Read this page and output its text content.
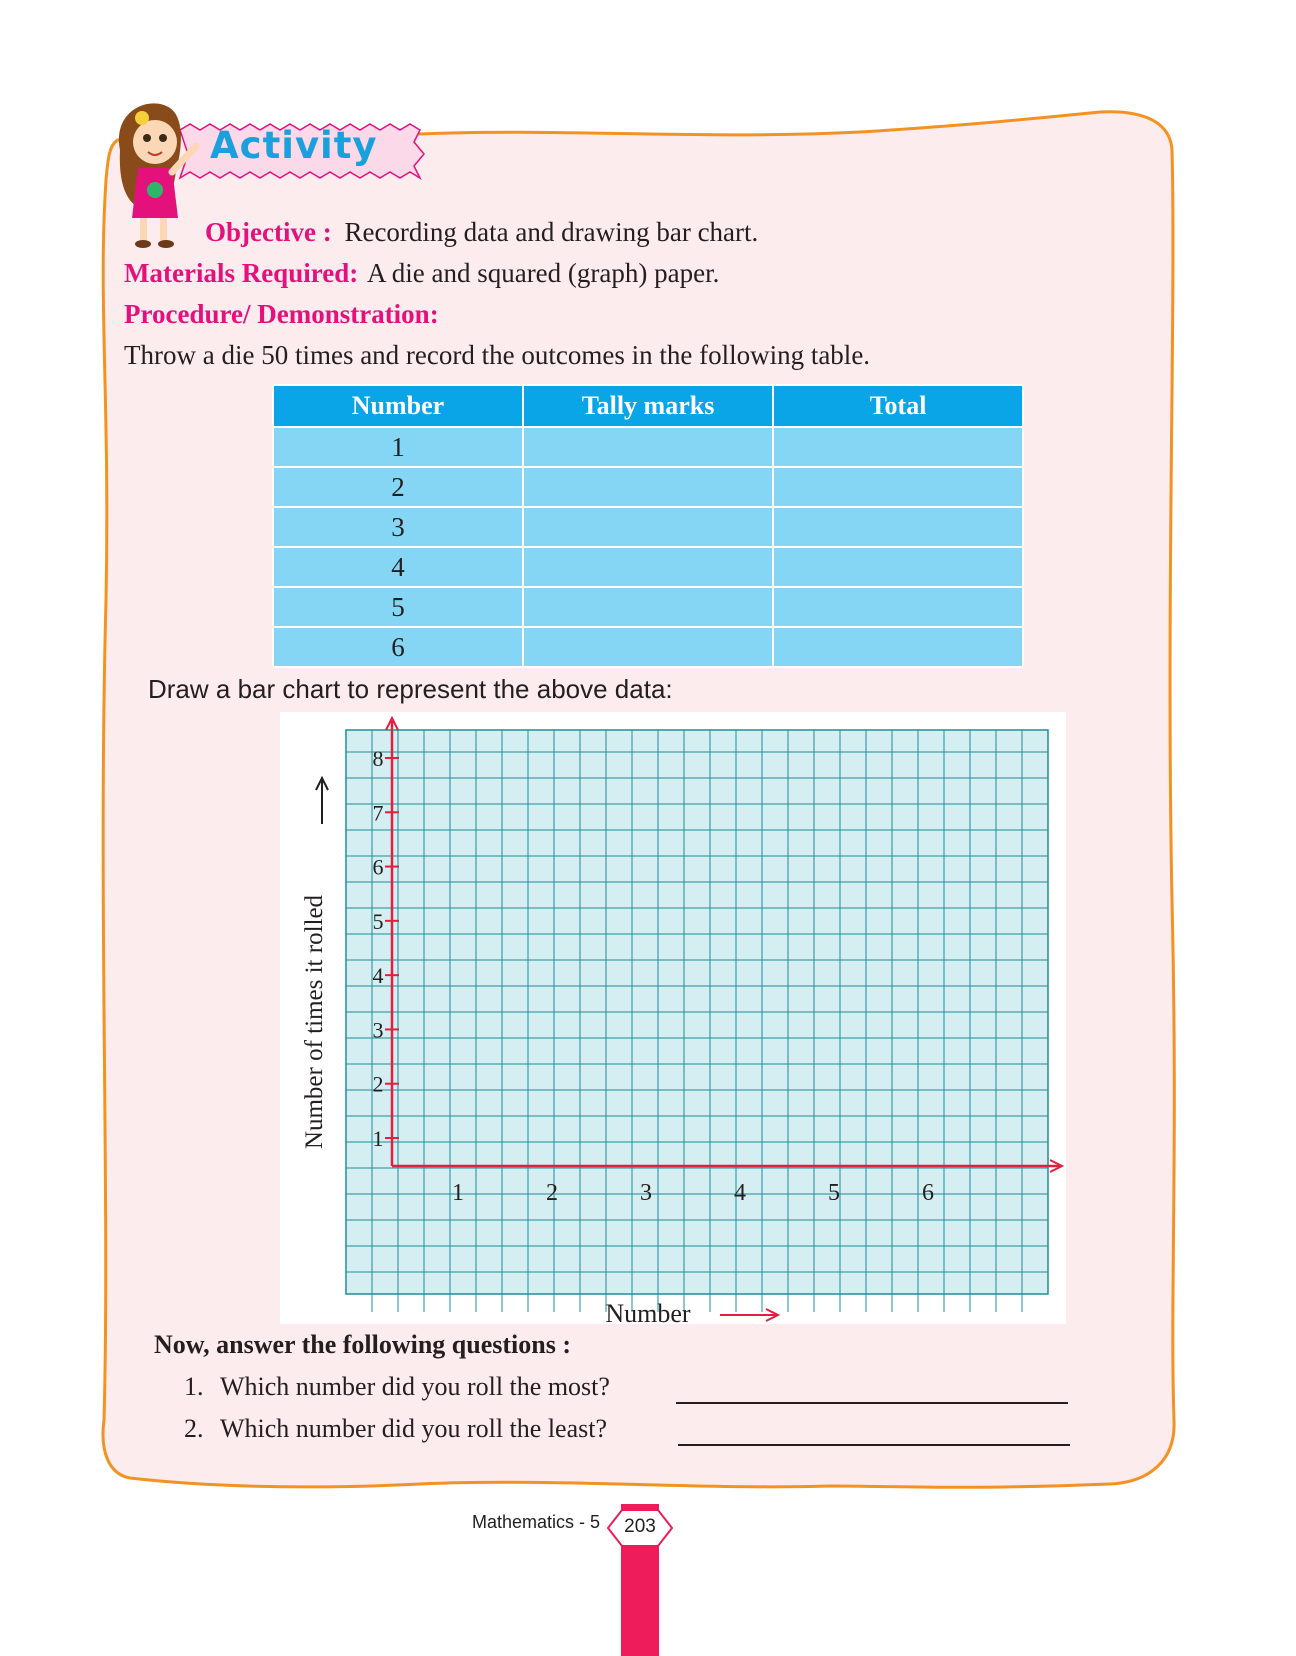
Activity
Objective : Recording data and drawing bar chart.
Materials Required: A die and squared (graph) paper.
Procedure/ Demonstration:
Throw a die 50 times and record the outcomes in the following table.
Number	Tally marks	Total
1		
2		
3		
4		
5		
6		
Draw a bar chart to represent the above data:
1
2
3
4
5
6
7
8
1	2	3	4	5	6
Number of times it rolled
Number
Now, answer the following questions :
1. Which number did you roll the most?
2. Which number did you roll the least?
Mathematics - 5	203
